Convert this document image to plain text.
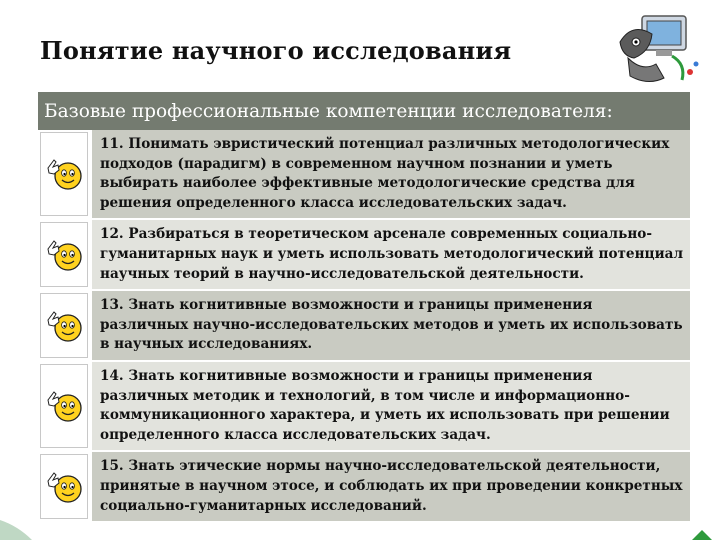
Понятие научного исследования
Базовые профессиональные компетенции исследователя:
11. Понимать эвристический потенциал различных методологических подходов (парадигм) в современном научном познании и уметь выбирать наиболее эффективные методологические средства для решения определенного класса исследовательских задач.
12. Разбираться в теоретическом арсенале современных социально-гуманитарных наук и уметь использовать методологический потенциал научных теорий в научно-исследовательской деятельности.
13. Знать когнитивные возможности и границы применения различных научно-исследовательских методов и уметь их использовать в научных исследованиях.
14. Знать когнитивные возможности и границы применения различных методик и технологий, в том числе и информационно-коммуникационного характера, и уметь их использовать при решении определенного класса исследовательских задач.
15. Знать этические нормы научно-исследовательской деятельности, принятые в научном этосе, и соблюдать их при проведении конкретных социально-гуманитарных исследований.
